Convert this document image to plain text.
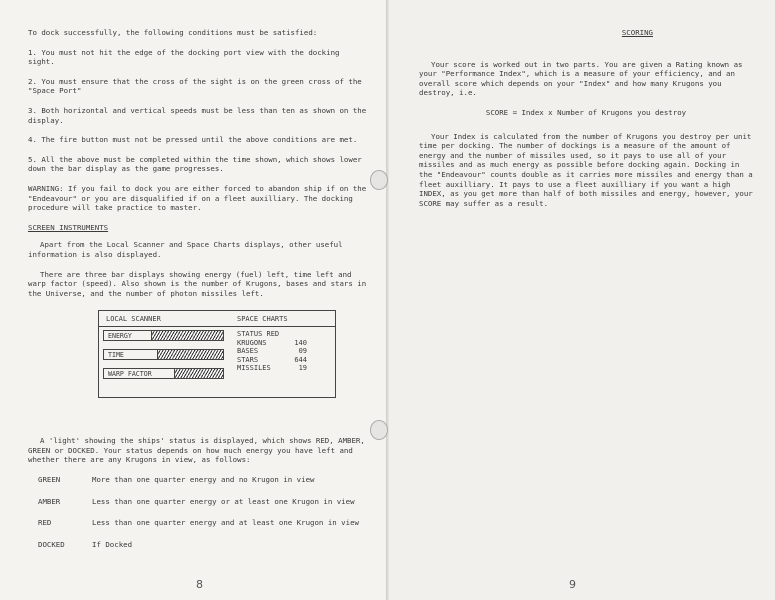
To dock successfully, the following conditions must be satisfied:

1. You must not hit the edge of the docking port view with the docking sight.

2. You must ensure that the cross of the sight is on the green cross of the "Space Port"

3. Both horizontal and vertical speeds must be less than ten as shown on the display.

4. The fire button must not be pressed until the above conditions are met.

5. All the above must be completed within the time shown, which shows lower down the bar display as the game progresses.

WARNING: If you fail to dock you are either forced to abandon ship if on the "Endeavour" or you are disqualified if on a fleet auxilliary. The docking procedure will take practice to master.

SCREEN INSTRUMENTS

Apart from the Local Scanner and Space Charts displays, other useful information is also displayed.

There are three bar displays showing energy (fuel) left, time left and warp factor (speed). Also shown is the number of Krugons, bases and stars in the Universe, and the number of photon missiles left.

LOCAL SCANNER	SPACE CHARTS
ENERGY
TIME
WARP FACTOR
STATUS RED
KRUGONS	140
BASES	09
STARS	644
MISSILES	19

A 'light' showing the ships' status is displayed, which shows RED, AMBER, GREEN or DOCKED. Your status depends on how much energy you have left and whether there are any Krugons in view, as follows:

GREEN	More than one quarter energy and no Krugon in view
AMBER	Less than one quarter energy or at least one Krugon in view
RED	Less than one quarter energy and at least one Krugon in view
DOCKED	If Docked
8
SCORING

Your score is worked out in two parts. You are given a Rating known as your "Performance Index", which is a measure of your efficiency, and an overall score which depends on your "Index" and how many Krugons you destroy, i.e.

SCORE = Index x Number of Krugons you destroy

Your Index is calculated from the number of Krugons you destroy per unit time per docking. The number of dockings is a measure of the amount of energy and the number of missiles used, so it pays to use all of your missiles and as much energy as possible before docking again. Docking in the "Endeavour" counts double as it carries more missiles and energy than a fleet auxilliary. It pays to use a fleet auxilliary if you want a high INDEX, as you get more than half of both missiles and energy, however, your SCORE may suffer as a result.

9
